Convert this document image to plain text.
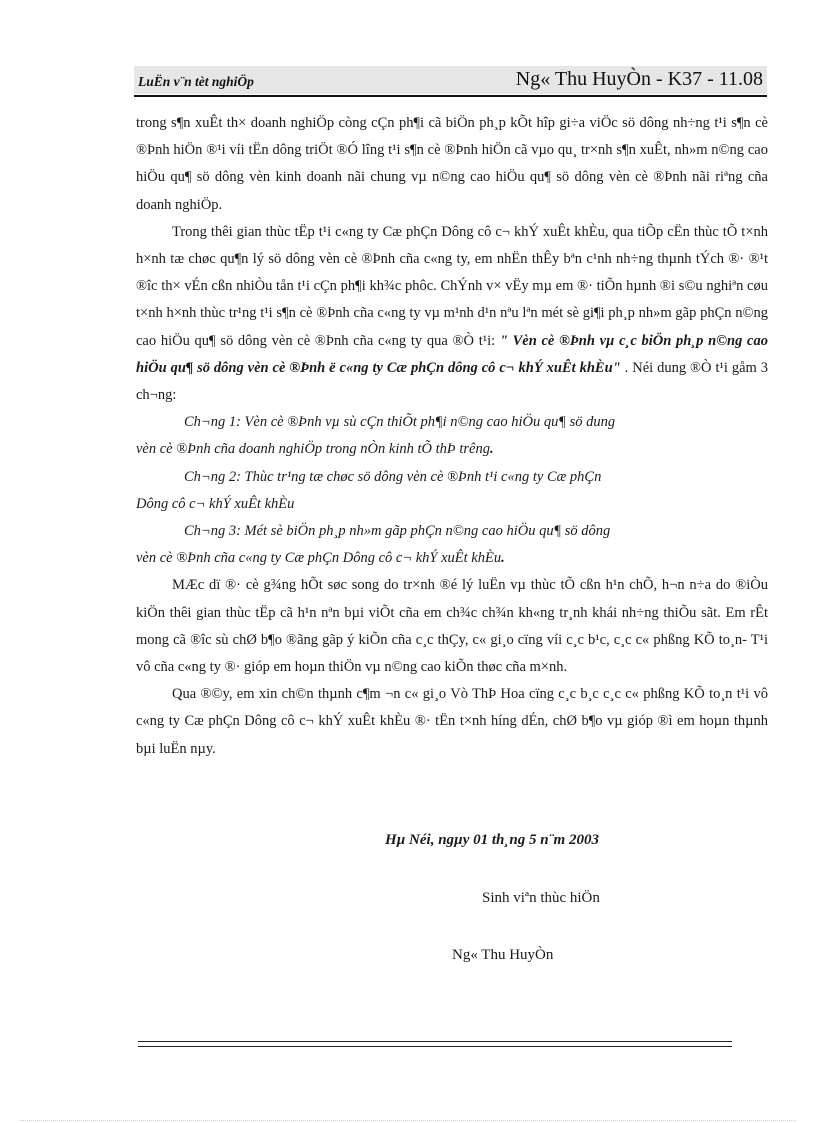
LuËn v¨n tèt nghiÖp	Ng« Thu HuyÒn - K37 - 11.08

trong s¶n xuÊt th× doanh nghiÖp còng cÇn ph¶i cã biÖn ph¸p kÕt hîp gi÷a viÖc sö dông nh÷ng t¹i s¶n cè ®Þnh hiÖn ®¹i víi tËn dông triÖt ®Ó lîng t¹i s¶n cè ®Þnh hiÖn cã vµo qu¸ tr×nh s¶n xuÊt, nh»m n©ng cao hiÖu qu¶ sö dông vèn kinh doanh nãi chung vµ n©ng cao hiÖu qu¶ sö dông vèn cè ®Þnh nãi riªng cña doanh nghiÖp.

Trong thêi gian thùc tËp t¹i c«ng ty Cæ phÇn Dông cô c¬ khÝ xuÊt khÈu, qua tiÕp cËn thùc tÕ t×nh h×nh tæ chøc qu¶n lý sö dông vèn cè ®Þnh cña c«ng ty, em nhËn thÊy bªn c¹nh nh÷ng thµnh tÝch ®· ®¹t ®îc th× vÉn cßn nhiÒu tån t¹i cÇn ph¶i kh¾c phôc. ChÝnh v× vËy mµ em ®· tiÕn hµnh ®i s©u nghiªn cøu t×nh h×nh thùc tr¹ng t¹i s¶n cè ®Þnh cña c«ng ty vµ m¹nh d¹n nªu lªn mét sè gi¶i ph¸p nh»m gãp phÇn n©ng cao hiÖu qu¶ sö dông vèn cè ®Þnh cña c«ng ty qua ®Ò t¹i: " Vèn cè ®Þnh vµ c¸c biÖn ph¸p n©ng cao hiÖu qu¶ sö dông vèn cè ®Þnh ë c«ng ty Cæ phÇn dông cô c¬ khÝ xuÊt khÈu" . Néi dung ®Ò t¹i gåm 3 ch¬ng:

Ch¬ng 1: Vèn cè ®Þnh vµ sù cÇn thiÕt ph¶i n©ng cao hiÖu qu¶ sö dung

vèn cè ®Þnh cña doanh nghiÖp trong nÒn kinh tÕ thÞ trêng.

Ch¬ng 2: Thùc tr¹ng tæ chøc sö dông vèn cè ®Þnh t¹i c«ng ty Cæ phÇn

Dông cô c¬ khÝ xuÊt khÈu

Ch¬ng 3: Mét sè biÖn ph¸p nh»m gãp phÇn n©ng cao hiÖu qu¶ sö dông

vèn cè ®Þnh cña c«ng ty Cæ phÇn Dông cô c¬ khÝ xuÊt khÈu.

MÆc dï ®· cè g¾ng hÕt søc song do tr×nh ®é lý luËn vµ thùc tÕ cßn h¹n chÕ, h¬n n÷a do ®iÒu kiÖn thêi gian thùc tËp cã h¹n nªn bµi viÕt cña em ch¾c ch¾n kh«ng tr¸nh khái nh÷ng thiÕu sãt. Em rÊt mong cã ®îc sù chØ b¶o ®ãng gãp ý kiÕn cña c¸c thÇy, c« gi¸o cïng víi c¸c b¹c, c¸c c« phßng KÕ to¸n- T¹i vô cña c«ng ty ®· gióp em hoµn thiÖn vµ n©ng cao kiÕn thøc cña m×nh.

Qua ®©y, em xin ch©n thµnh c¶m ¬n c« gi¸o Vò ThÞ Hoa cïng c¸c b¸c c¸c c« phßng KÕ to¸n t¹i vô c«ng ty Cæ phÇn Dông cô c¬ khÝ xuÊt khÈu ®· tËn t×nh híng dÉn, chØ b¶o vµ gióp ®ì em hoµn thµnh bµi luËn nµy.

Hµ Néi, ngµy 01 th¸ng 5 n¨m 2003
Sinh viªn thùc hiÖn
Ng« Thu HuyÒn
